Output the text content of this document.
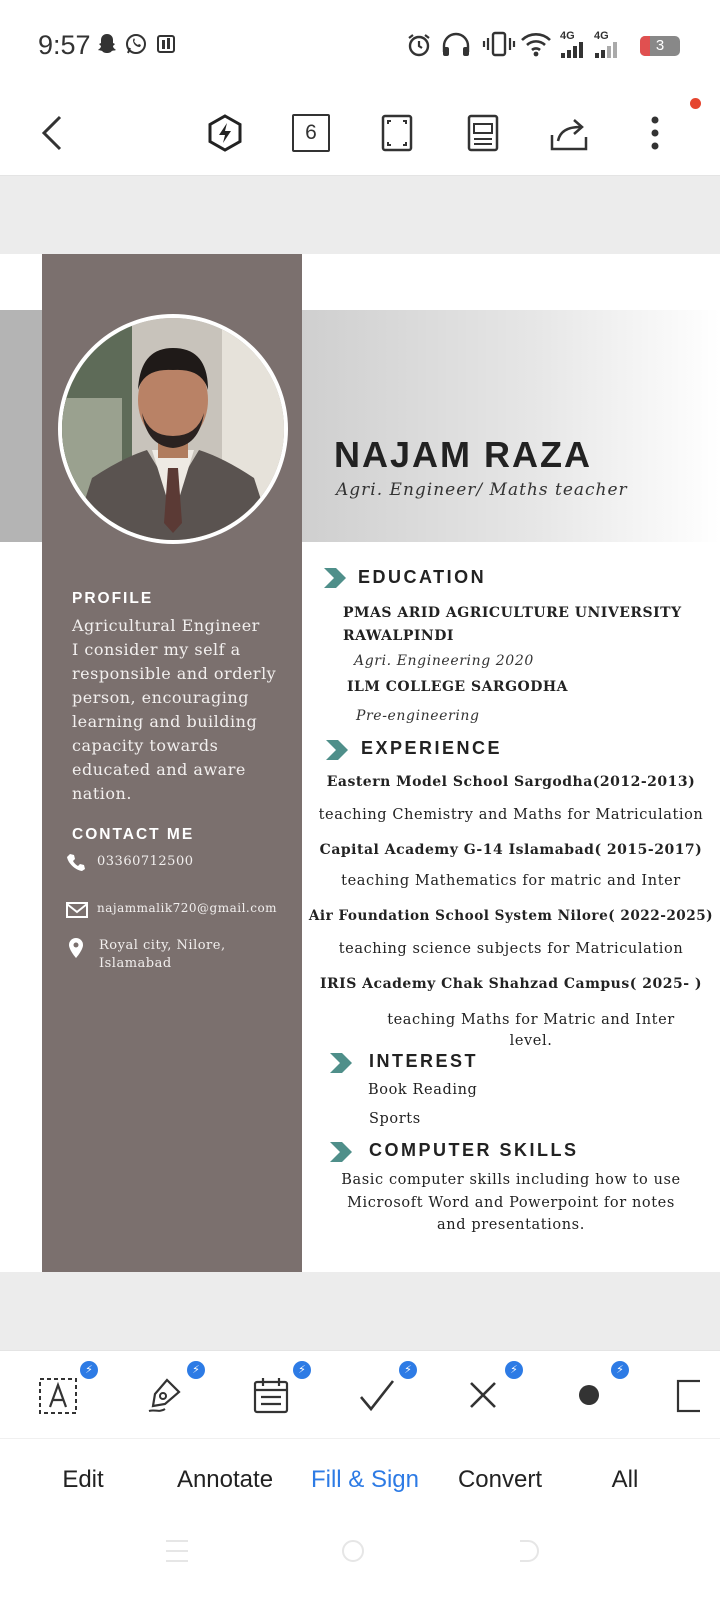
9:57	4G 4G
3
6
NAJAM RAZA
Agri. Engineer/ Maths teacher
PROFILE
Agricultural Engineer
I consider my self a
responsible and orderly
person, encouraging
learning and building
capacity towards
educated and aware
nation.
CONTACT ME
03360712500
najammalik720@gmail.com
Royal city, Nilore,
Islamabad
EDUCATION
PMAS ARID AGRICULTURE UNIVERSITY
RAWALPINDI
Agri. Engineering 2020
ILM COLLEGE SARGODHA
Pre-engineering
EXPERIENCE
Eastern Model School Sargodha(2012-2013)
teaching Chemistry and Maths for Matriculation
Capital Academy G-14 Islamabad( 2015-2017)
teaching Mathematics for matric and Inter
Air Foundation School System Nilore( 2022-2025)
teaching science subjects for Matriculation
IRIS Academy Chak Shahzad Campus( 2025- )
teaching Maths for Matric and Inter
level.
INTEREST
Book Reading
Sports
COMPUTER SKILLS
Basic computer skills including how to use
Microsoft Word and Powerpoint for notes
and presentations.
⚡	⚡	⚡	⚡	⚡	⚡
Edit	Annotate	Fill & Sign	Convert	All
